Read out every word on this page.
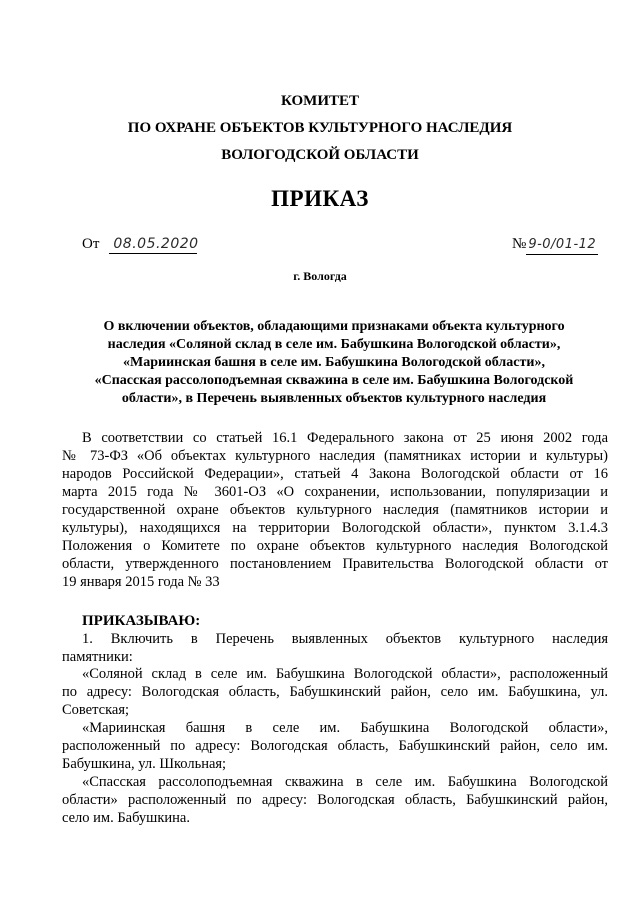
КОМИТЕТ
ПО ОХРАНЕ ОБЪЕКТОВ КУЛЬТУРНОГО НАСЛЕДИЯ
ВОЛОГОДСКОЙ ОБЛАСТИ
ПРИКАЗ
От 08.05.2020	№ 9-0/01-12
г. Вологда
О включении объектов, обладающими признаками объекта культурного
наследия «Соляной склад в селе им. Бабушкина Вологодской области»,
«Мариинская башня в селе им. Бабушкина Вологодской области»,
«Спасская рассолоподъемная скважина в селе им. Бабушкина Вологодской
области», в Перечень выявленных объектов культурного наследия
В соответствии со статьей 16.1 Федерального закона от 25 июня 2002 года
№ 73-ФЗ «Об объектах культурного наследия (памятниках истории и культуры)
народов Российской Федерации», статьей 4 Закона Вологодской области от 16
марта 2015 года № 3601-ОЗ «О сохранении, использовании, популяризации и
государственной охране объектов культурного наследия (памятников истории и
культуры), находящихся на территории Вологодской области», пунктом 3.1.4.3
Положения о Комитете по охране объектов культурного наследия Вологодской
области, утвержденного постановлением Правительства Вологодской области от
19 января 2015 года № 33
ПРИКАЗЫВАЮ:
1. Включить в Перечень выявленных объектов культурного наследия
памятники:
«Соляной склад в селе им. Бабушкина Вологодской области», расположенный
по адресу: Вологодская область, Бабушкинский район, село им. Бабушкина, ул.
Советская;
«Мариинская башня в селе им. Бабушкина Вологодской области»,
расположенный по адресу: Вологодская область, Бабушкинский район, село им.
Бабушкина, ул. Школьная;
«Спасская рассолоподъемная скважина в селе им. Бабушкина Вологодской
области» расположенный по адресу: Вологодская область, Бабушкинский район,
село им. Бабушкина.
